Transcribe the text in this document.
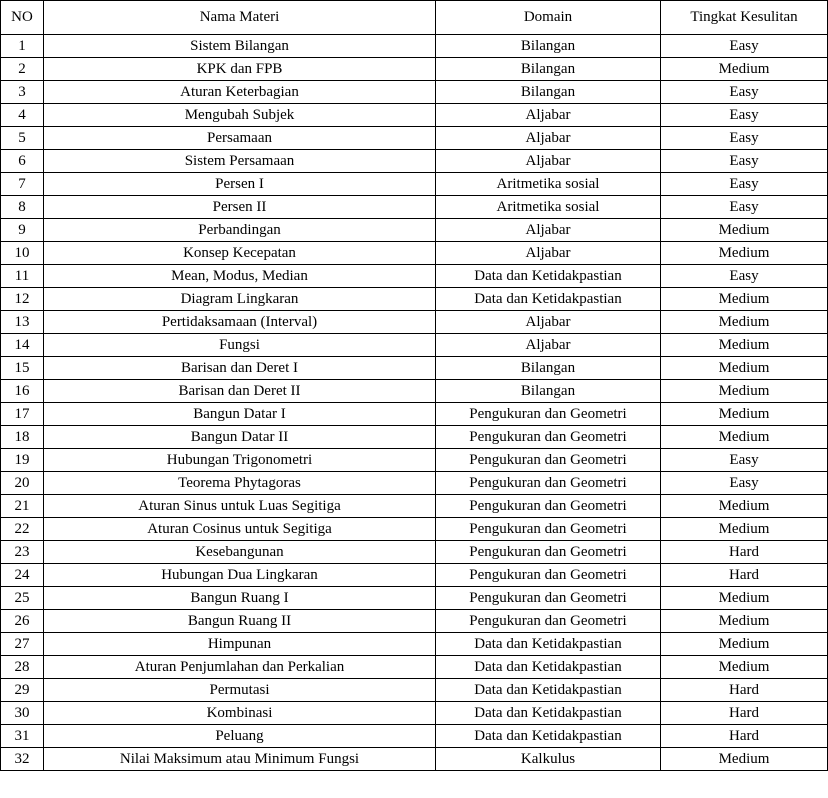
NO	Nama Materi	Domain	Tingkat Kesulitan
1	Sistem Bilangan	Bilangan	Easy
2	KPK dan FPB	Bilangan	Medium
3	Aturan Keterbagian	Bilangan	Easy
4	Mengubah Subjek	Aljabar	Easy
5	Persamaan	Aljabar	Easy
6	Sistem Persamaan	Aljabar	Easy
7	Persen I	Aritmetika sosial	Easy
8	Persen II	Aritmetika sosial	Easy
9	Perbandingan	Aljabar	Medium
10	Konsep Kecepatan	Aljabar	Medium
11	Mean, Modus, Median	Data dan Ketidakpastian	Easy
12	Diagram Lingkaran	Data dan Ketidakpastian	Medium
13	Pertidaksamaan (Interval)	Aljabar	Medium
14	Fungsi	Aljabar	Medium
15	Barisan dan Deret I	Bilangan	Medium
16	Barisan dan Deret II	Bilangan	Medium
17	Bangun Datar I	Pengukuran dan Geometri	Medium
18	Bangun Datar II	Pengukuran dan Geometri	Medium
19	Hubungan Trigonometri	Pengukuran dan Geometri	Easy
20	Teorema Phytagoras	Pengukuran dan Geometri	Easy
21	Aturan Sinus untuk Luas Segitiga	Pengukuran dan Geometri	Medium
22	Aturan Cosinus untuk Segitiga	Pengukuran dan Geometri	Medium
23	Kesebangunan	Pengukuran dan Geometri	Hard
24	Hubungan Dua Lingkaran	Pengukuran dan Geometri	Hard
25	Bangun Ruang I	Pengukuran dan Geometri	Medium
26	Bangun Ruang II	Pengukuran dan Geometri	Medium
27	Himpunan	Data dan Ketidakpastian	Medium
28	Aturan Penjumlahan dan Perkalian	Data dan Ketidakpastian	Medium
29	Permutasi	Data dan Ketidakpastian	Hard
30	Kombinasi	Data dan Ketidakpastian	Hard
31	Peluang	Data dan Ketidakpastian	Hard
32	Nilai Maksimum atau Minimum Fungsi	Kalkulus	Medium
